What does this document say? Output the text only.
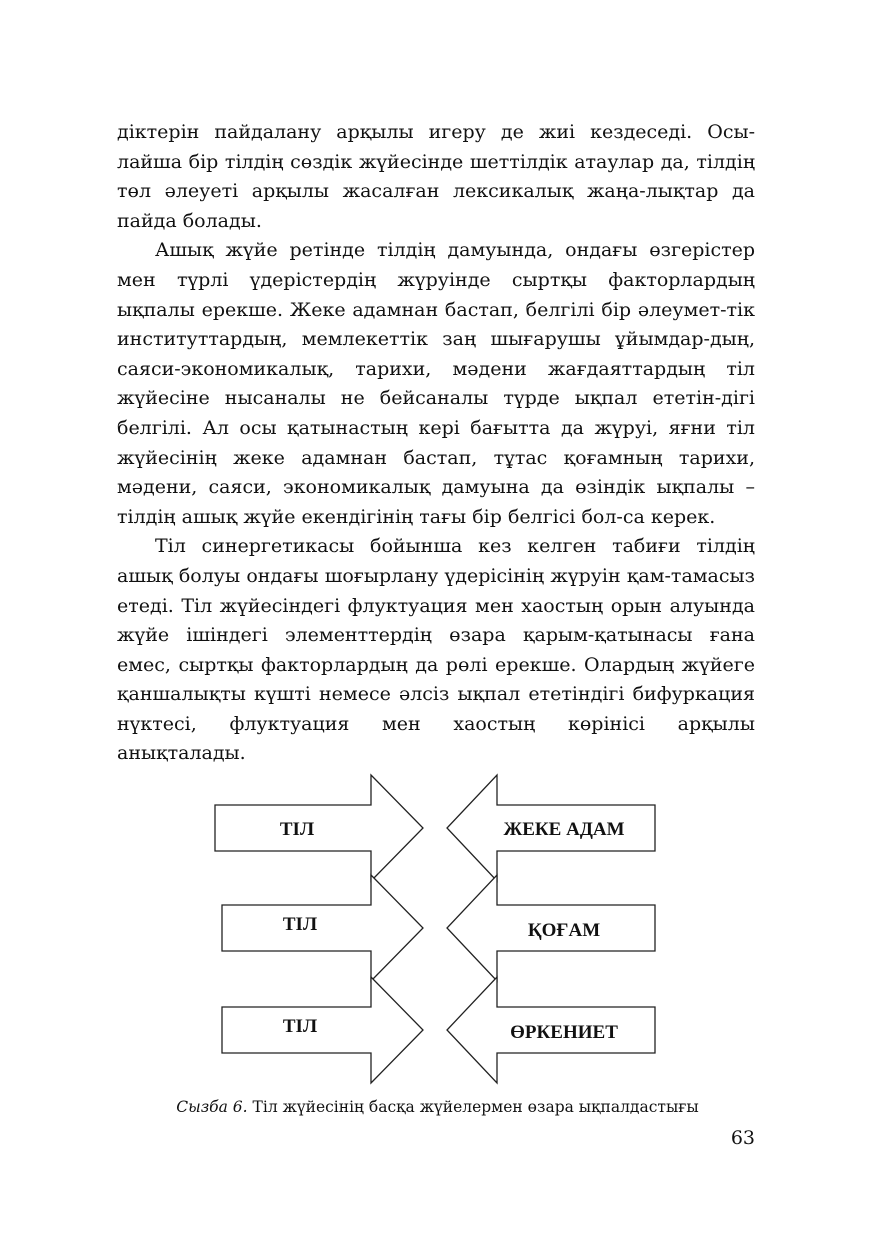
діктерін пайдалану арқылы игеру де жиі кездеседі. Осы-лайша бір тілдің сөздік жүйесінде шеттілдік атаулар да, тілдің төл әлеуеті арқылы жасалған лексикалық жаңа-лықтар да пайда болады.

Ашық жүйе ретінде тілдің дамуында, ондағы өзгерістер мен түрлі үдерістердің жүруінде сыртқы факторлардың ықпалы ерекше. Жеке адамнан бастап, белгілі бір әлеумет-тік институттардың, мемлекеттік заң шығарушы ұйымдар-дың, саяси-экономикалық, тарихи, мәдени жағдаяттардың тіл жүйесіне нысаналы не бейсаналы түрде ықпал ететін-дігі белгілі. Ал осы қатынастың кері бағытта да жүруі, яғни тіл жүйесінің жеке адамнан бастап, тұтас қоғамның тарихи, мәдени, саяси, экономикалық дамуына да өзіндік ықпалы – тілдің ашық жүйе екендігінің тағы бір белгісі бол-са керек.

Тіл синергетикасы бойынша кез келген табиғи тілдің ашық болуы ондағы шоғырлану үдерісінің жүруін қам-тамасыз етеді. Тіл жүйесіндегі флуктуация мен хаостың орын алуында жүйе ішіндегі элементтердің өзара қарым-қатынасы ғана емес, сыртқы факторлардың да рөлі ерекше. Олардың жүйеге қаншалықты күшті немесе әлсіз ықпал ететіндігі бифуркация нүктесі, флуктуация мен хаостың көрінісі арқылы анықталады.

ТІЛ
ТІЛ
ТІЛ
ЖЕКЕ АДАМ
ҚОҒАМ
ӨРКЕНИЕТ
Сызба 6. Тіл жүйесінің басқа жүйелермен өзара ықпалдастығы
63
